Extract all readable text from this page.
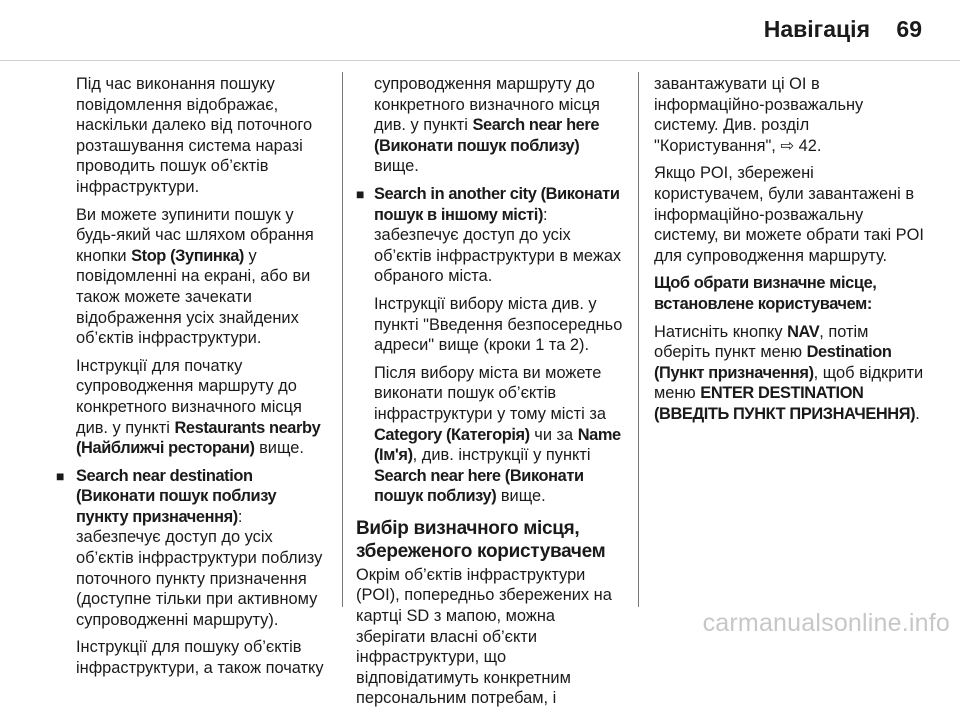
Навігація 69

Під час виконання пошуку повідомлення відображає, наскільки далеко від поточного розташування система наразі проводить пошук об’єктів інфраструктури.

Ви можете зупинити пошук у будь-який час шляхом обрання кнопки Stop (Зупинка) у повідомленні на екрані, або ви також можете зачекати відображення усіх знайдених об’єктів інфраструктури.

Інструкції для початку супроводження маршруту до конкретного визначного місця див. у пункті Restaurants nearby (Найближчі ресторани) вище.

■ Search near destination (Виконати пошук поблизу пункту призначення): забезпечує доступ до усіх об’єктів інфраструктури поблизу поточного пункту призначення (доступне тільки при активному супроводженні маршруту).

Інструкції для пошуку об’єктів інфраструктури, а також початку

супроводження маршруту до конкретного визначного місця див. у пункті Search near here (Виконати пошук поблизу) вище.

■ Search in another city (Виконати пошук в іншому місті): забезпечує доступ до усіх об’єктів інфраструктури в межах обраного міста.

Інструкції вибору міста див. у пункті "Введення безпосередньо адреси" вище (кроки 1 та 2).

Після вибору міста ви можете виконати пошук об’єктів інфраструктури у тому місті за Category (Категорія) чи за Name (Ім'я), див. інструкції у пункті Search near here (Виконати пошук поблизу) вище.

Вибір визначного місця, збереженого користувачем

Окрім об’єктів інфраструктури (POI), попередньо збережених на картці SD з мапою, можна зберігати власні об’єкти інфраструктури, що відповідатимуть конкретним персональним потребам, і

завантажувати ці ОІ в інформаційно-розважальну систему. Див. розділ "Користування", ⇨ 42.

Якщо POI, збережені користувачем, були завантажені в інформаційно-розважальну систему, ви можете обрати такі POI для супроводження маршруту.

Щоб обрати визначне місце, встановлене користувачем:

Натисніть кнопку NAV, потім оберіть пункт меню Destination (Пункт призначення), щоб відкрити меню ENTER DESTINATION (ВВЕДІТЬ ПУНКТ ПРИЗНАЧЕННЯ).

carmanualsonline.info
